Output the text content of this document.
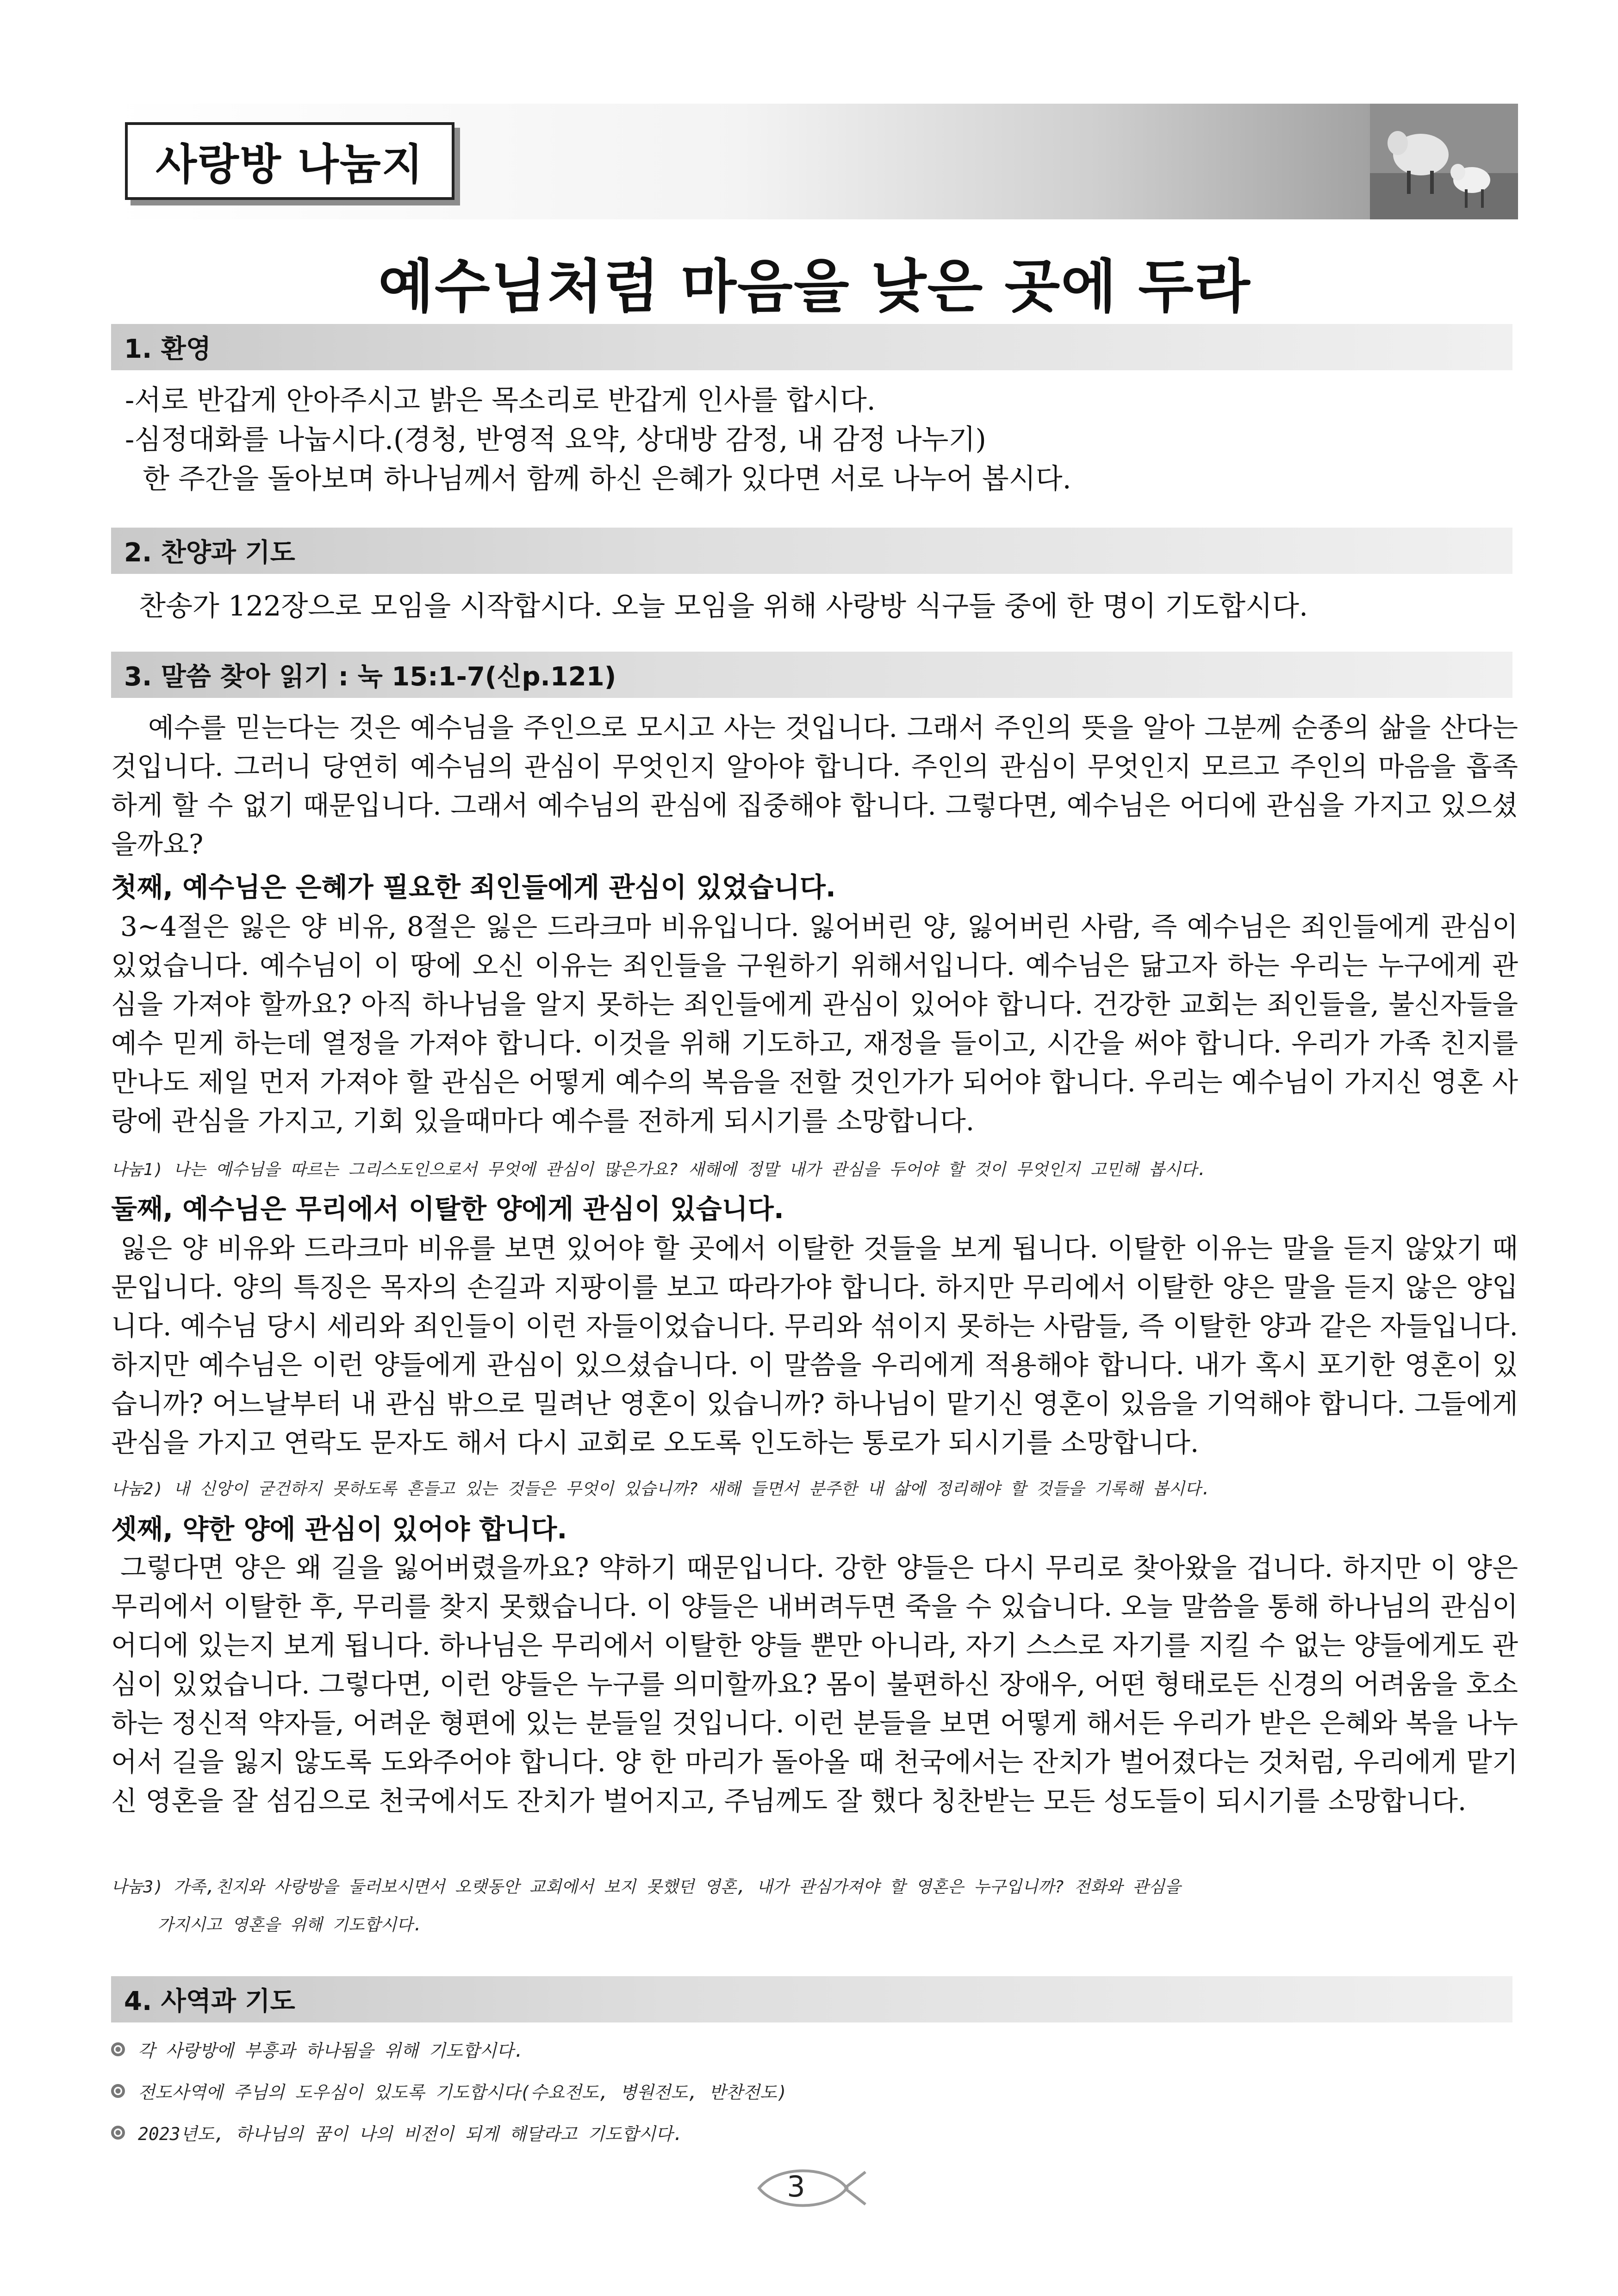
사랑방 나눔지
예수님처럼 마음을 낮은 곳에 두라
1. 환영
-서로 반갑게 안아주시고 밝은 목소리로 반갑게 인사를 합시다.
-심정대화를 나눕시다.(경청, 반영적 요약, 상대방 감정, 내 감정 나누기)
한 주간을 돌아보며 하나님께서 함께 하신 은혜가 있다면 서로 나누어 봅시다.
2. 찬양과 기도
찬송가 122장으로 모임을 시작합시다. 오늘 모임을 위해 사랑방 식구들 중에 한 명이 기도합시다.
3. 말씀 찾아 읽기 : 눅 15:1-7(신p.121)
예수를 믿는다는 것은 예수님을 주인으로 모시고 사는 것입니다. 그래서 주인의 뜻을 알아 그분께 순종의 삶을 산다는 것입니다. 그러니 당연히 예수님의 관심이 무엇인지 알아야 합니다. 주인의 관심이 무엇인지 모르고 주인의 마음을 흡족하게 할 수 없기 때문입니다. 그래서 예수님의 관심에 집중해야 합니다. 그렇다면, 예수님은 어디에 관심을 가지고 있으셨을까요?
첫째, 예수님은 은혜가 필요한 죄인들에게 관심이 있었습니다.
3~4절은 잃은 양 비유, 8절은 잃은 드라크마 비유입니다. 잃어버린 양, 잃어버린 사람, 즉 예수님은 죄인들에게 관심이 있었습니다. 예수님이 이 땅에 오신 이유는 죄인들을 구원하기 위해서입니다. 예수님은 닮고자 하는 우리는 누구에게 관심을 가져야 할까요? 아직 하나님을 알지 못하는 죄인들에게 관심이 있어야 합니다. 건강한 교회는 죄인들을, 불신자들을 예수 믿게 하는데 열정을 가져야 합니다. 이것을 위해 기도하고, 재정을 들이고, 시간을 써야 합니다. 우리가 가족 친지를 만나도 제일 먼저 가져야 할 관심은 어떻게 예수의 복음을 전할 것인가가 되어야 합니다. 우리는 예수님이 가지신 영혼 사랑에 관심을 가지고, 기회 있을때마다 예수를 전하게 되시기를 소망합니다.
나눔1) 나는 예수님을 따르는 그리스도인으로서 무엇에 관심이 많은가요? 새해에 정말 내가 관심을 두어야 할 것이 무엇인지 고민해 봅시다.
둘째, 예수님은 무리에서 이탈한 양에게 관심이 있습니다.
잃은 양 비유와 드라크마 비유를 보면 있어야 할 곳에서 이탈한 것들을 보게 됩니다. 이탈한 이유는 말을 듣지 않았기 때문입니다. 양의 특징은 목자의 손길과 지팡이를 보고 따라가야 합니다. 하지만 무리에서 이탈한 양은 말을 듣지 않은 양입니다. 예수님 당시 세리와 죄인들이 이런 자들이었습니다. 무리와 섞이지 못하는 사람들, 즉 이탈한 양과 같은 자들입니다. 하지만 예수님은 이런 양들에게 관심이 있으셨습니다. 이 말씀을 우리에게 적용해야 합니다. 내가 혹시 포기한 영혼이 있습니까? 어느날부터 내 관심 밖으로 밀려난 영혼이 있습니까? 하나님이 맡기신 영혼이 있음을 기억해야 합니다. 그들에게 관심을 가지고 연락도 문자도 해서 다시 교회로 오도록 인도하는 통로가 되시기를 소망합니다.
나눔2) 내 신앙이 굳건하지 못하도록 흔들고 있는 것들은 무엇이 있습니까? 새해 들면서 분주한 내 삶에 정리해야 할 것들을 기록해 봅시다.
셋째, 약한 양에 관심이 있어야 합니다.
그렇다면 양은 왜 길을 잃어버렸을까요? 약하기 때문입니다. 강한 양들은 다시 무리로 찾아왔을 겁니다. 하지만 이 양은 무리에서 이탈한 후, 무리를 찾지 못했습니다. 이 양들은 내버려두면 죽을 수 있습니다. 오늘 말씀을 통해 하나님의 관심이 어디에 있는지 보게 됩니다. 하나님은 무리에서 이탈한 양들 뿐만 아니라, 자기 스스로 자기를 지킬 수 없는 양들에게도 관심이 있었습니다. 그렇다면, 이런 양들은 누구를 의미할까요? 몸이 불편하신 장애우, 어떤 형태로든 신경의 어려움을 호소하는 정신적 약자들, 어려운 형편에 있는 분들일 것입니다. 이런 분들을 보면 어떻게 해서든 우리가 받은 은혜와 복을 나누어서 길을 잃지 않도록 도와주어야 합니다. 양 한 마리가 돌아올 때 천국에서는 잔치가 벌어졌다는 것처럼, 우리에게 맡기신 영혼을 잘 섬김으로 천국에서도 잔치가 벌어지고, 주님께도 잘 했다 칭찬받는 모든 성도들이 되시기를 소망합니다.
나눔3) 가족,친지와 사랑방을 둘러보시면서 오랫동안 교회에서 보지 못했던 영혼, 내가 관심가져야 할 영혼은 누구입니까? 전화와 관심을
가지시고 영혼을 위해 기도합시다.
4. 사역과 기도
각 사랑방에 부흥과 하나됨을 위해 기도합시다.
전도사역에 주님의 도우심이 있도록 기도합시다(수요전도, 병원전도, 반찬전도)
2023년도, 하나님의 꿈이 나의 비전이 되게 해달라고 기도합시다.
3
